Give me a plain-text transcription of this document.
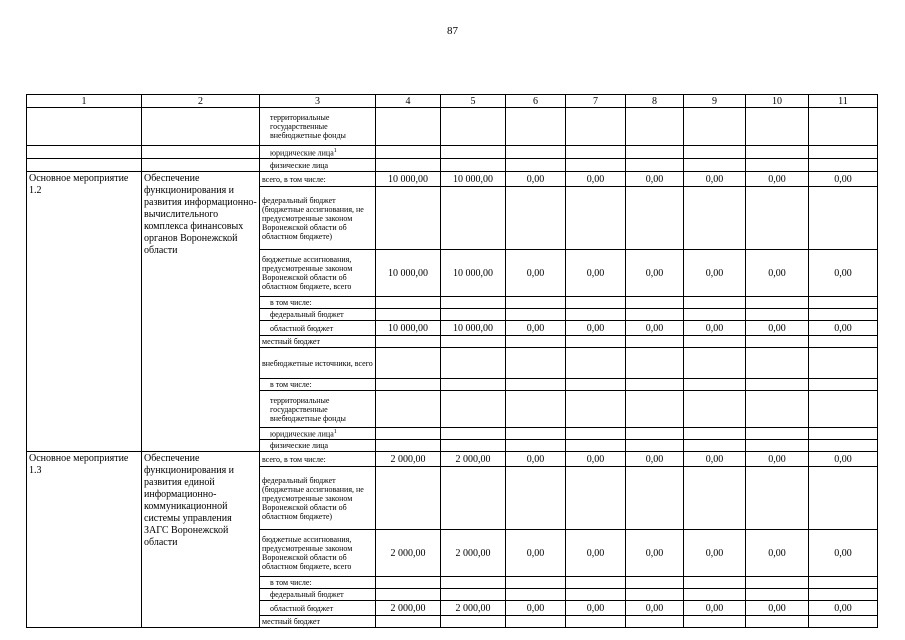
87
1	2	3	4	5	6	7	8	9	10	11
		территориальные государственные внебюджетные фонды								
		юридические лица$^1$								
		физические лица								
Основное мероприятие 1.2	Обеспечение функционирования и развития информационно-вычислительного комплекса финансовых органов Воронежской области	всего, в том числе:	10 000,00	10 000,00	0,00	0,00	0,00	0,00	0,00	0,00
		федеральный бюджет (бюджетные ассигнования, не предусмотренные законом Воронежской области об областном бюджете)								
		бюджетные ассигнования, предусмотренные законом Воронежской области об областном бюджете, всего	10 000,00	10 000,00	0,00	0,00	0,00	0,00	0,00	0,00
		в том числе:								
		федеральный бюджет								
		областной бюджет	10 000,00	10 000,00	0,00	0,00	0,00	0,00	0,00	0,00
		местный бюджет								
		внебюджетные источники, всего								
		в том числе:								
		территориальные государственные внебюджетные фонды								
		юридические лица$^1$								
		физические лица								
Основное мероприятие 1.3	Обеспечение функционирования и развития единой информационно-коммуникационной системы управления ЗАГС Воронежской области	всего, в том числе:	2 000,00	2 000,00	0,00	0,00	0,00	0,00	0,00	0,00
		федеральный бюджет (бюджетные ассигнования, не предусмотренные законом Воронежской области об областном бюджете)								
		бюджетные ассигнования, предусмотренные законом Воронежской области об областном бюджете, всего	2 000,00	2 000,00	0,00	0,00	0,00	0,00	0,00	0,00
		в том числе:								
		федеральный бюджет								
		областной бюджет	2 000,00	2 000,00	0,00	0,00	0,00	0,00	0,00	0,00
		местный бюджет								
